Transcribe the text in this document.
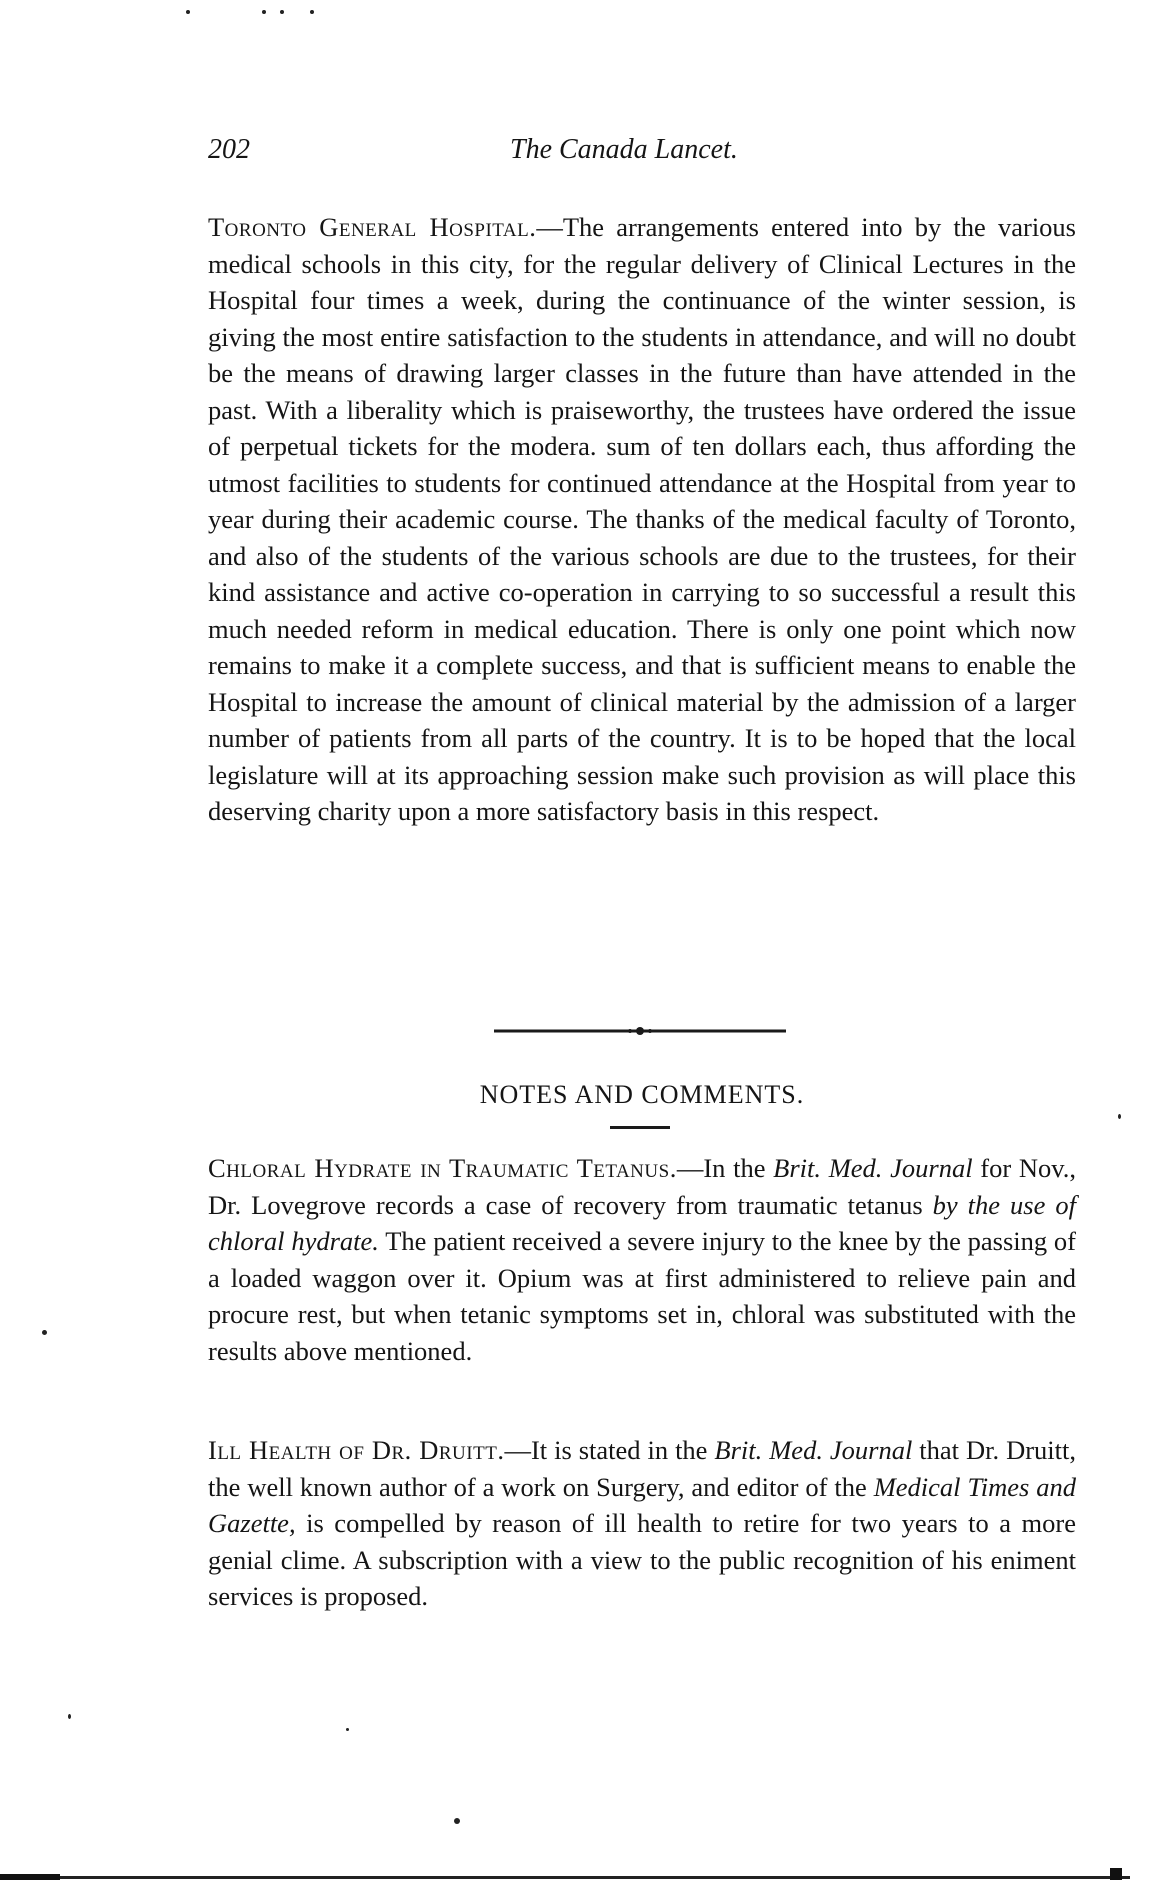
202	The Canada Lancet.

Toronto General Hospital.—The arrangements entered into by the various medical schools in this city, for the regular delivery of Clinical Lectures in the Hospital four times a week, during the continuance of the winter session, is giving the most entire satisfaction to the students in attendance, and will no doubt be the means of drawing larger classes in the future than have attended in the past. With a liberality which is praiseworthy, the trustees have ordered the issue of perpetual tickets for the modera. sum of ten dollars each, thus affording the utmost facilities to students for continued attendance at the Hospital from year to year during their academic course. The thanks of the medical faculty of Toronto, and also of the students of the various schools are due to the trustees, for their kind assistance and active co-operation in carrying to so successful a result this much needed reform in medical education. There is only one point which now remains to make it a complete success, and that is sufficient means to enable the Hospital to increase the amount of clinical material by the admission of a larger number of patients from all parts of the country. It is to be hoped that the local legislature will at its approaching session make such provision as will place this deserving charity upon a more satisfactory basis in this respect.

NOTES AND COMMENTS.

Chloral Hydrate in Traumatic Tetanus.—In the Brit. Med. Journal for Nov., Dr. Lovegrove records a case of recovery from traumatic tetanus by the use of chloral hydrate. The patient received a severe injury to the knee by the passing of a loaded waggon over it. Opium was at first administered to relieve pain and procure rest, but when tetanic symptoms set in, chloral was substituted with the results above mentioned.

Ill Health of Dr. Druitt.—It is stated in the Brit. Med. Journal that Dr. Druitt, the well known author of a work on Surgery, and editor of the Medical Times and Gazette, is compelled by reason of ill health to retire for two years to a more genial clime. A subscription with a view to the public recognition of his eniment services is proposed.
